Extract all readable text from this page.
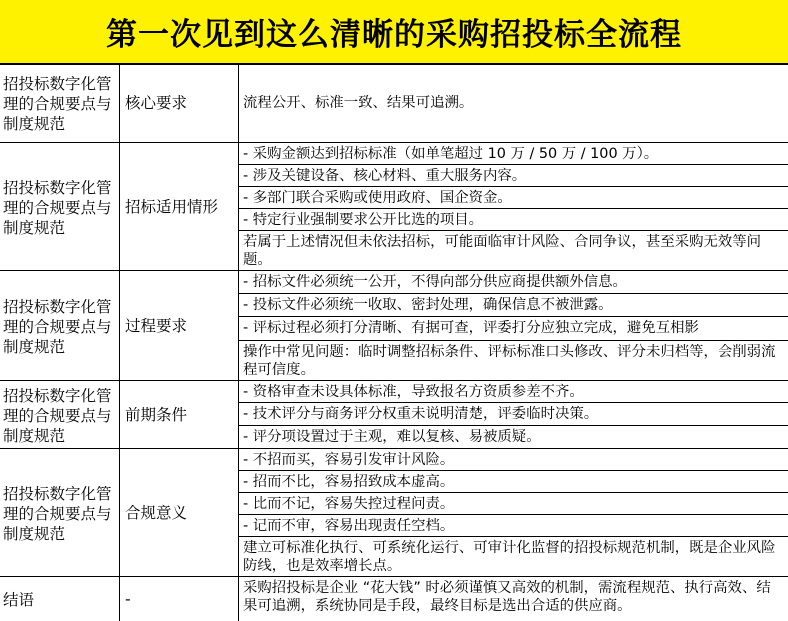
第一次见到这么清晰的采购招投标全流程
招投标数字化管理的合规要点与制度规范
核心要求	流程公开、标准一致、结果可追溯。
招投标数字化管理的合规要点与制度规范
招标适用情形
- 采购金额达到招标标准（如单笔超过 10 万 / 50 万 / 100 万）。
- 涉及关键设备、核心材料、重大服务内容。
- 多部门联合采购或使用政府、国企资金。
- 特定行业强制要求公开比选的项目。
若属于上述情况但未依法招标，可能面临审计风险、合同争议，甚至采购无效等问题。
招投标数字化管理的合规要点与制度规范
过程要求
- 招标文件必须统一公开，不得向部分供应商提供额外信息。
- 投标文件必须统一收取、密封处理，确保信息不被泄露。
- 评标过程必须打分清晰、有据可查，评委打分应独立完成，避免互相影
操作中常见问题：临时调整招标条件、评标标准口头修改、评分未归档等，会削弱流程可信度。
招投标数字化管理的合规要点与制度规范
前期条件
- 资格审查未设具体标准，导致报名方资质参差不齐。
- 技术评分与商务评分权重未说明清楚，评委临时决策。
- 评分项设置过于主观，难以复核、易被质疑。
招投标数字化管理的合规要点与制度规范
合规意义
- 不招而买，容易引发审计风险。
- 招而不比，容易招致成本虚高。
- 比而不记，容易失控过程问责。
- 记而不审，容易出现责任空档。
建立可标准化执行、可系统化运行、可审计化监督的招投标规范机制，既是企业风险防线，也是效率增长点。
结语	-
采购招投标是企业 “花大钱” 时必须谨慎又高效的机制，需流程规范、执行高效、结果可追溯，系统协同是手段，最终目标是选出合适的供应商。
